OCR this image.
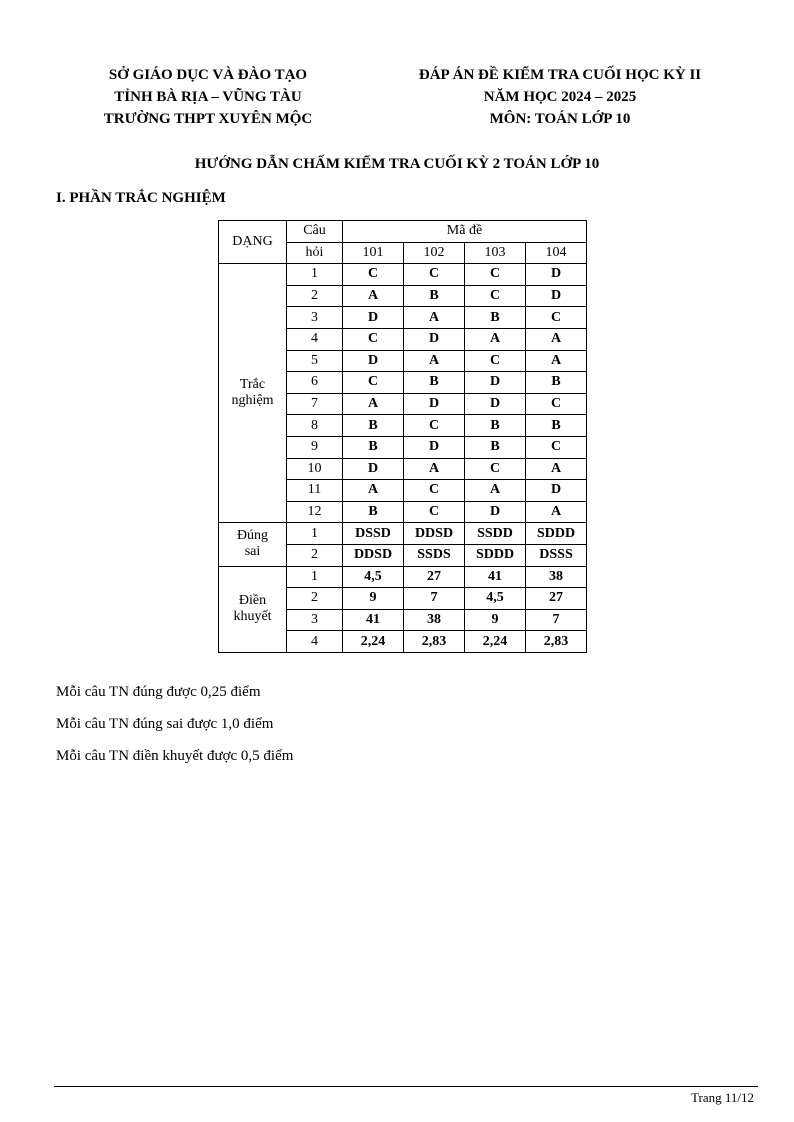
SỞ GIÁO DỤC VÀ ĐÀO TẠO
TỈNH BÀ RỊA – VŨNG TÀU
TRƯỜNG THPT XUYÊN MỘC
ĐÁP ÁN ĐỀ KIỂM TRA CUỐI HỌC KỲ II
NĂM HỌC 2024 – 2025
MÔN: TOÁN LỚP 10
HƯỚNG DẪN CHẤM KIỂM TRA CUỐI KỲ 2 TOÁN LỚP 10
I. PHẦN TRẮC NGHIỆM
DẠNG	Câu	Mã đề			
	hỏi	101	102	103	104

Trắc
nghiệm	1	C	C	C	D
	2	A	B	C	D
	3	D	A	B	C
	4	C	D	A	A
	5	D	A	C	A
	6	C	B	D	B
	7	A	D	D	C
	8	B	C	B	B
	9	B	D	B	C
	10	D	A	C	A
	11	A	C	A	D
	12	B	C	D	A

Đúng
sai	1	DSSD	DDSD	SSDD	SDDD
	2	DDSD	SSDS	SDDD	DSSS

Điền
khuyết	1	4,5	27	41	38
	2	9	7	4,5	27
	3	41	38	9	7
	4	2,24	2,83	2,24	2,83

Mỗi câu TN đúng được 0,25 điểm

Mỗi câu TN đúng sai được 1,0 điểm

Mỗi câu TN điền khuyết được 0,5 điểm

Trang 11/12
